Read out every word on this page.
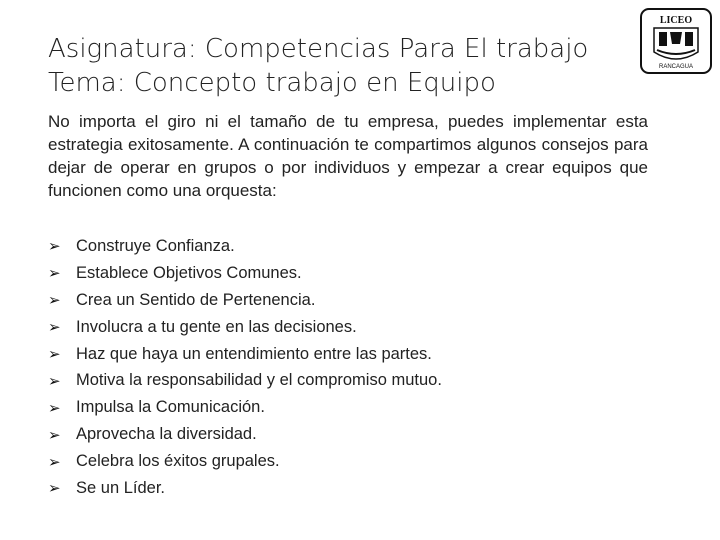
Asignatura: Competencias Para El trabajo
Tema: Concepto trabajo en Equipo
LICEO
RANCAGUA
No importa el giro ni el tamaño de tu empresa, puedes implementar esta estrategia exitosamente. A continuación te compartimos algunos consejos para dejar de operar en grupos o por individuos y empezar a crear equipos que funcionen como una orquesta:
➢ Construye Confianza.
➢ Establece Objetivos Comunes.
➢ Crea un Sentido de Pertenencia.
➢ Involucra a tu gente en las decisiones.
➢ Haz que haya un entendimiento entre las partes.
➢ Motiva la responsabilidad y el compromiso mutuo.
➢ Impulsa la Comunicación.
➢ Aprovecha la diversidad.
➢ Celebra los éxitos grupales.
➢ Se un Líder.
